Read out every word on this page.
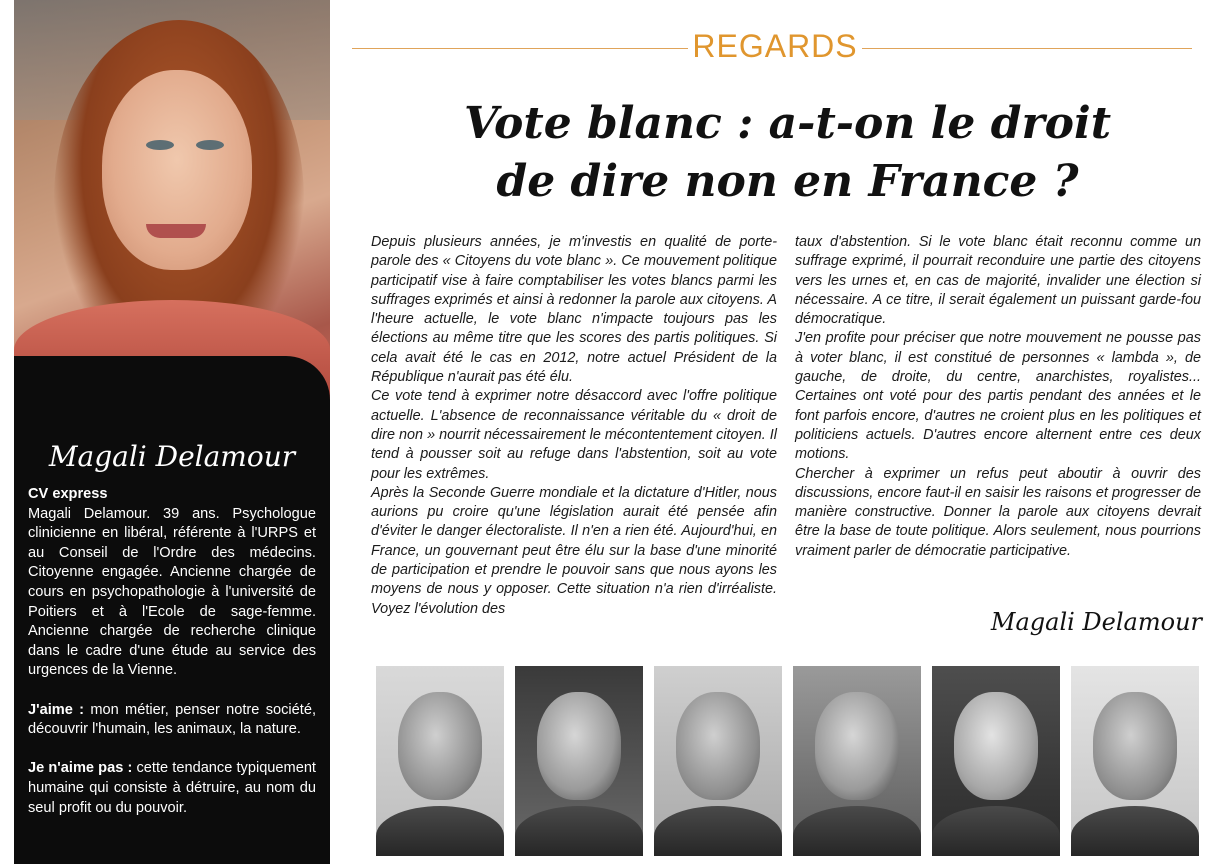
Magali Delamour

CV express

Magali Delamour. 39 ans. Psychologue clinicienne en libéral, référente à l'URPS et au Conseil de l'Ordre des médecins. Citoyenne engagée. Ancienne chargée de cours en psychopathologie à l'université de Poitiers et à l'Ecole de sage-femme. Ancienne chargée de recherche clinique dans le cadre d'une étude au service des urgences de la Vienne.

J'aime : mon métier, penser notre société, découvrir l'humain, les animaux, la nature.

Je n'aime pas : cette tendance typiquement humaine qui consiste à détruire, au nom du seul profit ou du pouvoir.

REGARDS
Vote blanc : a-t-on le droit
de dire non en France ?

Depuis plusieurs années, je m'investis en qualité de porte-parole des « Citoyens du vote blanc ». Ce mouvement politique participatif vise à faire comptabiliser les votes blancs parmi les suffrages exprimés et ainsi à redonner la parole aux citoyens. A l'heure actuelle, le vote blanc n'impacte toujours pas les élections au même titre que les scores des partis politiques. Si cela avait été le cas en 2012, notre actuel Président de la République n'aurait pas été élu.

Ce vote tend à exprimer notre désaccord avec l'offre politique actuelle. L'absence de reconnaissance véritable du « droit de dire non » nourrit nécessairement le mécontentement citoyen. Il tend à pousser soit au refuge dans l'abstention, soit au vote pour les extrêmes.

Après la Seconde Guerre mondiale et la dictature d'Hitler, nous aurions pu croire qu'une législation aurait été pensée afin d'éviter le danger électoraliste. Il n'en a rien été. Aujourd'hui, en France, un gouvernant peut être élu sur la base d'une minorité de participation et prendre le pouvoir sans que nous ayons les moyens de nous y opposer. Cette situation n'a rien d'irréaliste. Voyez l'évolution des

taux d'abstention. Si le vote blanc était reconnu comme un suffrage exprimé, il pourrait reconduire une partie des citoyens vers les urnes et, en cas de majorité, invalider une élection si nécessaire. A ce titre, il serait également un puissant garde-fou démocratique.

J'en profite pour préciser que notre mouvement ne pousse pas à voter blanc, il est constitué de personnes « lambda », de gauche, de droite, du centre, anarchistes, royalistes... Certaines ont voté pour des partis pendant des années et le font parfois encore, d'autres ne croient plus en les politiques et politiciens actuels. D'autres encore alternent entre ces deux motions.

Chercher à exprimer un refus peut aboutir à ouvrir des discussions, encore faut-il en saisir les raisons et progresser de manière constructive. Donner la parole aux citoyens devrait être la base de toute politique. Alors seulement, nous pourrions vraiment parler de démocratie participative.

Magali Delamour
